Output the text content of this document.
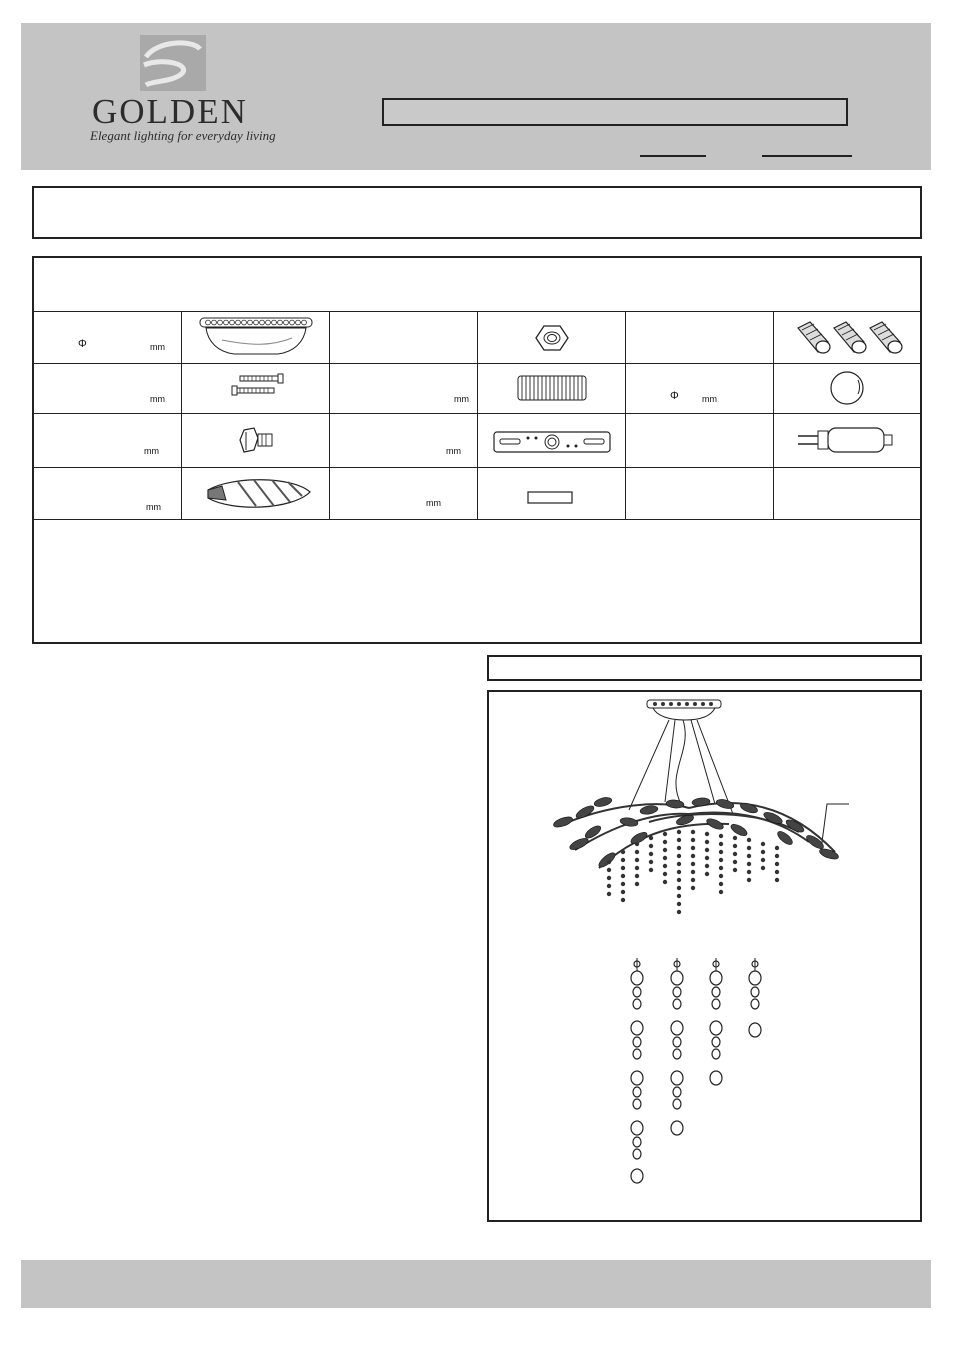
GOLDEN
Elegant lighting for everyday living
Φ	mm
mm	mm	Φ	mm
mm	mm
mm	mm
